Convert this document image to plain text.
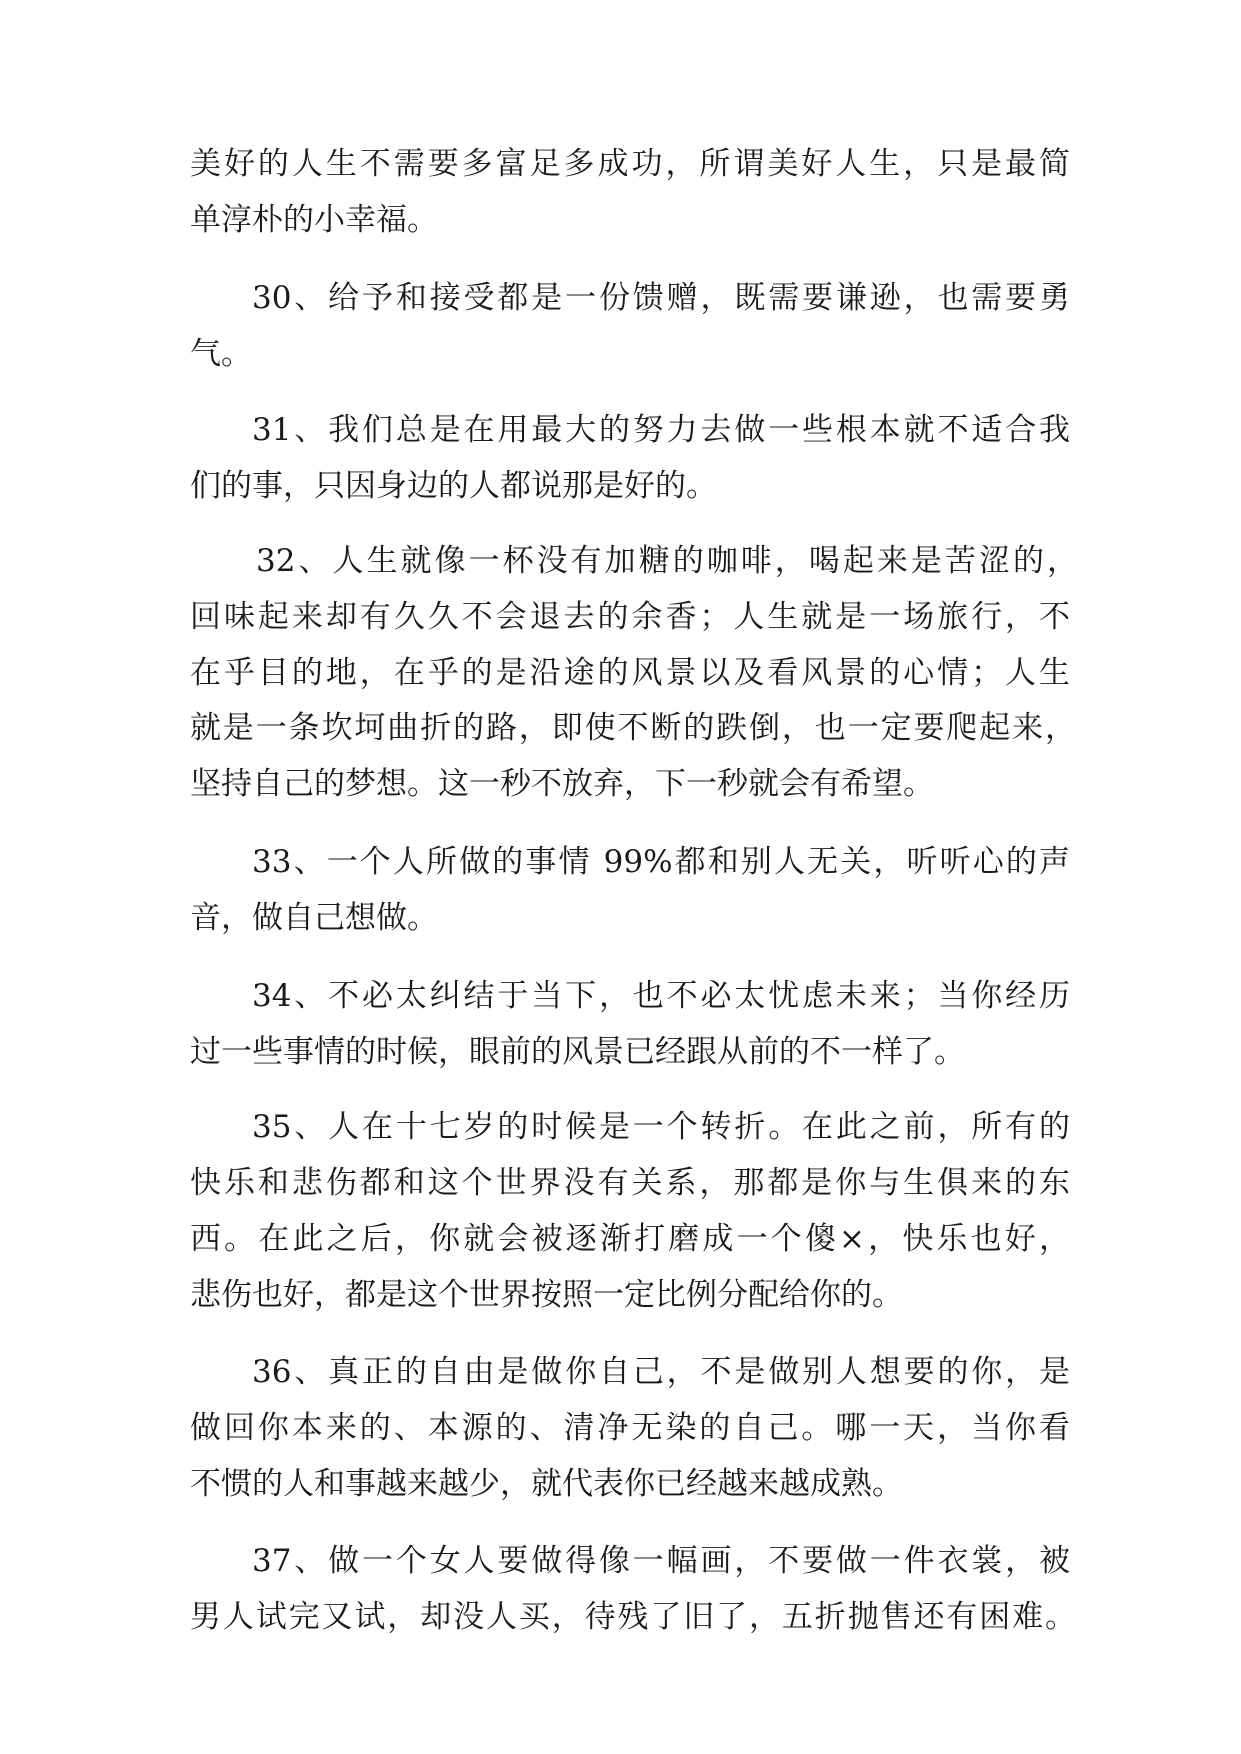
美好的人生不需要多富足多成功，所谓美好人生，只是最简
单淳朴的小幸福。
30、给予和接受都是一份馈赠，既需要谦逊，也需要勇
气。
31、我们总是在用最大的努力去做一些根本就不适合我
们的事，只因身边的人都说那是好的。
32、人生就像一杯没有加糖的咖啡，喝起来是苦涩的，
回味起来却有久久不会退去的余香；人生就是一场旅行，不
在乎目的地，在乎的是沿途的风景以及看风景的心情；人生
就是一条坎坷曲折的路，即使不断的跌倒，也一定要爬起来，
坚持自己的梦想。这一秒不放弃，下一秒就会有希望。
33、一个人所做的事情 99%都和别人无关，听听心的声
音，做自己想做。
34、不必太纠结于当下，也不必太忧虑未来；当你经历
过一些事情的时候，眼前的风景已经跟从前的不一样了。
35、人在十七岁的时候是一个转折。在此之前，所有的
快乐和悲伤都和这个世界没有关系，那都是你与生俱来的东
西。在此之后，你就会被逐渐打磨成一个傻×，快乐也好，
悲伤也好，都是这个世界按照一定比例分配给你的。
36、真正的自由是做你自己，不是做别人想要的你，是
做回你本来的、本源的、清净无染的自己。哪一天，当你看
不惯的人和事越来越少，就代表你已经越来越成熟。
37、做一个女人要做得像一幅画，不要做一件衣裳，被
男人试完又试，却没人买，待残了旧了，五折抛售还有困难。
